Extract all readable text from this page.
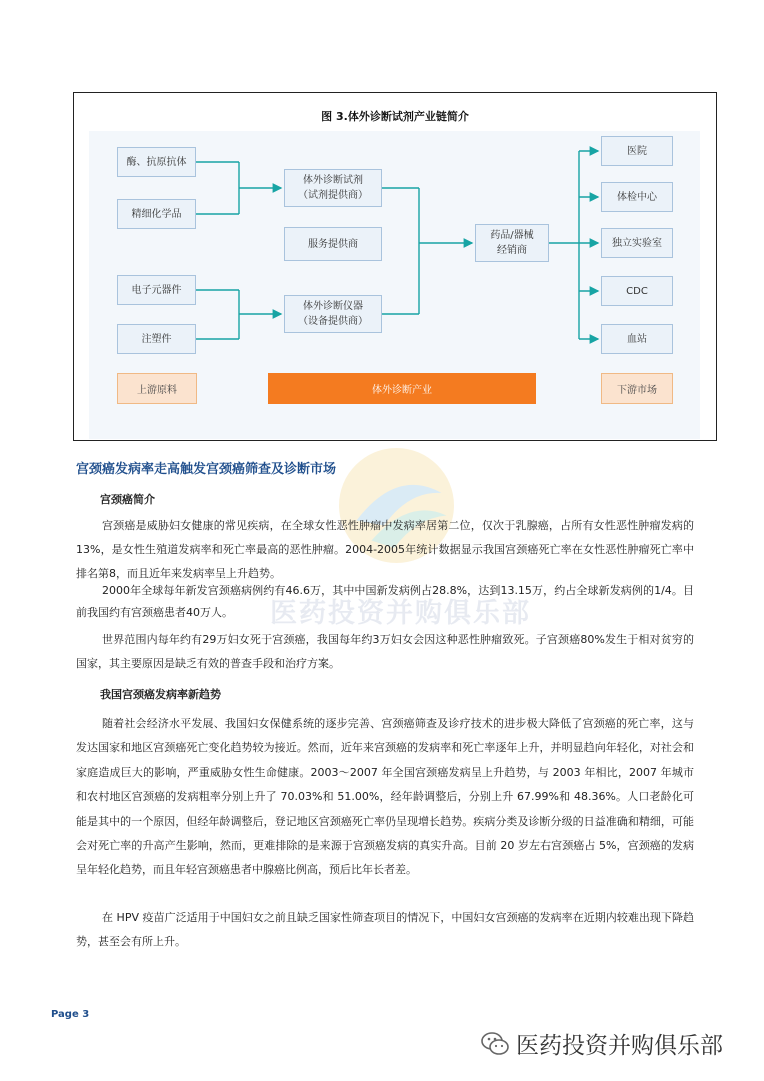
图 3.体外诊断试剂产业链简介
酶、抗原抗体
精细化学品
电子元器件
注塑件
体外诊断试剂
（试剂提供商）
服务提供商
体外诊断仪器
（设备提供商）
药品/器械
经销商
医院
体检中心
独立实验室
CDC
血站
上游原料	体外诊断产业	下游市场
医药投资并购俱乐部
宫颈癌发病率走高触发宫颈癌筛查及诊断市场
宫颈癌简介
宫颈癌是威胁妇女健康的常见疾病，在全球女性恶性肿瘤中发病率居第二位，仅次于乳腺癌，占所有女性恶性肿瘤发病的13%，是女性生殖道发病率和死亡率最高的恶性肿瘤。2004-2005年统计数据显示我国宫颈癌死亡率在女性恶性肿瘤死亡率中排名第8，而且近年来发病率呈上升趋势。
2000年全球每年新发宫颈癌病例约有46.6万，其中中国新发病例占28.8%，达到13.15万，约占全球新发病例的1/4。目前我国约有宫颈癌患者40万人。
世界范围内每年约有29万妇女死于宫颈癌，我国每年约3万妇女会因这种恶性肿瘤致死。子宫颈癌80%发生于相对贫穷的国家，其主要原因是缺乏有效的普查手段和治疗方案。
我国宫颈癌发病率新趋势
随着社会经济水平发展、我国妇女保健系统的逐步完善、宫颈癌筛查及诊疗技术的进步极大降低了宫颈癌的死亡率，这与发达国家和地区宫颈癌死亡变化趋势较为接近。然而，近年来宫颈癌的发病率和死亡率逐年上升，并明显趋向年轻化，对社会和家庭造成巨大的影响，严重威胁女性生命健康。2003～2007 年全国宫颈癌发病呈上升趋势，与 2003 年相比，2007 年城市和农村地区宫颈癌的发病粗率分别上升了 70.03%和 51.00%，经年龄调整后，分别上升 67.99%和 48.36%。人口老龄化可能是其中的一个原因，但经年龄调整后，登记地区宫颈癌死亡率仍呈现增长趋势。疾病分类及诊断分级的日益准确和精细，可能会对死亡率的升高产生影响，然而，更难排除的是来源于宫颈癌发病的真实升高。目前 20 岁左右宫颈癌占 5%，宫颈癌的发病呈年轻化趋势，而且年轻宫颈癌患者中腺癌比例高，预后比年长者差。
在 HPV 疫苗广泛适用于中国妇女之前且缺乏国家性筛查项目的情况下，中国妇女宫颈癌的发病率在近期内较难出现下降趋势，甚至会有所上升。
Page 3
医药投资并购俱乐部
